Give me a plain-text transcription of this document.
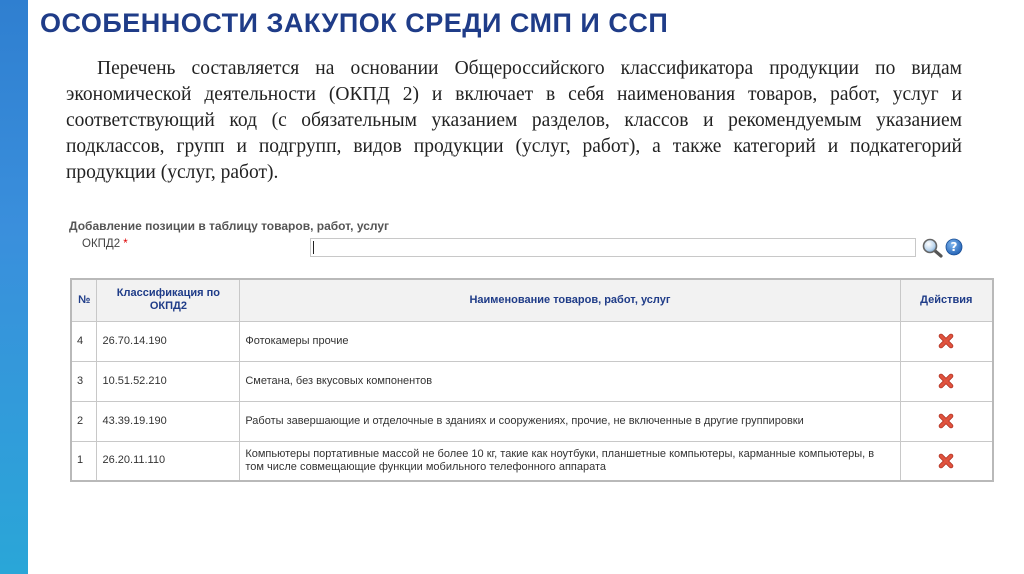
ОСОБЕННОСТИ ЗАКУПОК СРЕДИ СМП И ССП

Перечень составляется на основании Общероссийского классификатора продукции по видам экономической деятельности (ОКПД 2) и включает в себя наименования товаров, работ, услуг и соответствующий код (с обязательным указанием разделов, классов и рекомендуемым указанием подклассов, групп и подгрупп, видов продукции (услуг, работ), а также категорий и подкатегорий продукции (услуг, работ).

Добавление позиции в таблицу товаров, работ, услуг
ОКПД2 *	?
№	Классификация по ОКПД2	Наименование товаров, работ, услуг	Действия
4	26.70.14.190	Фотокамеры прочие	
3	10.51.52.210	Сметана, без вкусовых компонентов	
2	43.39.19.190	Работы завершающие и отделочные в зданиях и сооружениях, прочие, не включенные в другие группировки	
1	26.20.11.110	Компьютеры портативные массой не более 10 кг, такие как ноутбуки, планшетные компьютеры, карманные компьютеры, в том числе совмещающие функции мобильного телефонного аппарата	
